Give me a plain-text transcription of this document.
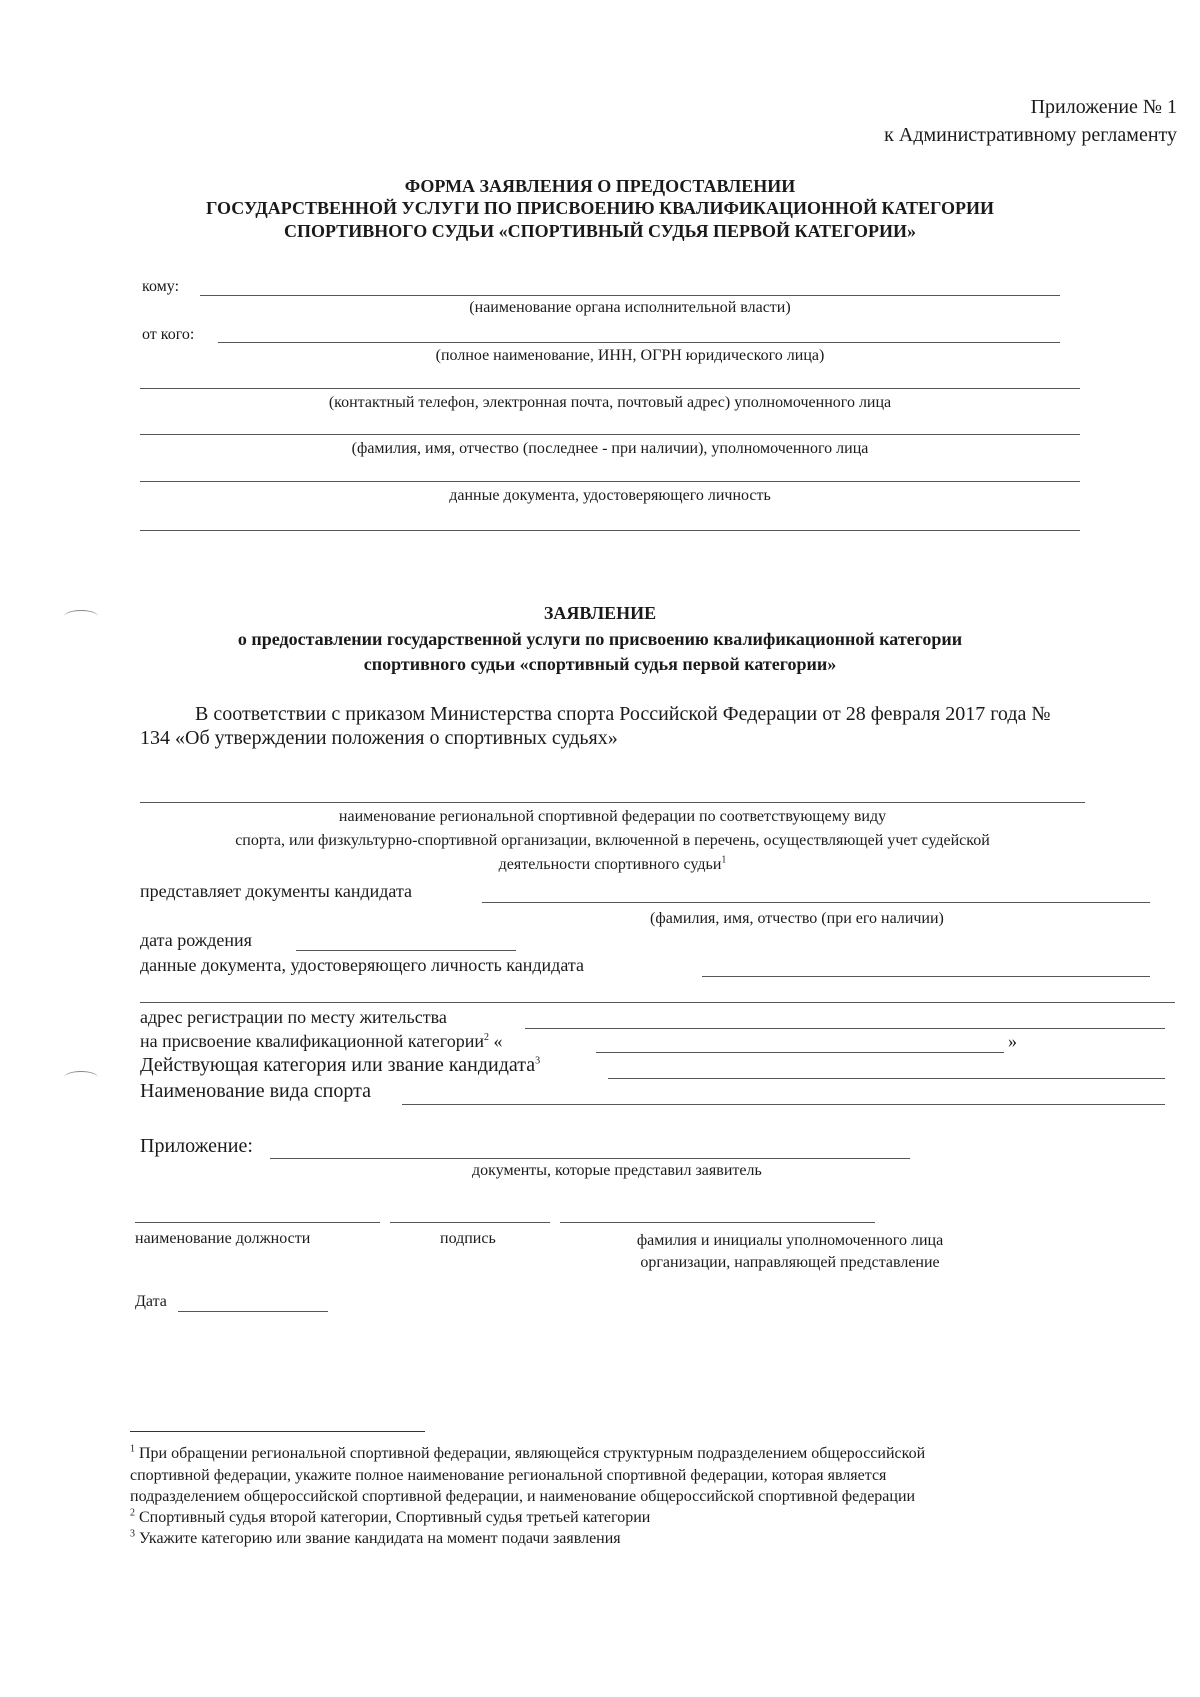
Приложение № 1
к Административному регламенту
ФОРМА ЗАЯВЛЕНИЯ О ПРЕДОСТАВЛЕНИИ
ГОСУДАРСТВЕННОЙ УСЛУГИ ПО ПРИСВОЕНИЮ КВАЛИФИКАЦИОННОЙ КАТЕГОРИИ
СПОРТИВНОГО СУДЬИ «СПОРТИВНЫЙ СУДЬЯ ПЕРВОЙ КАТЕГОРИИ»
кому:
(наименование органа исполнительной власти)
от кого:
(полное наименование, ИНН, ОГРН юридического лица)
(контактный телефон, электронная почта, почтовый адрес) уполномоченного лица
(фамилия, имя, отчество (последнее - при наличии), уполномоченного лица
данные документа, удостоверяющего личность
ЗАЯВЛЕНИЕ
о предоставлении государственной услуги по присвоению квалификационной категории
спортивного судьи «спортивный судья первой категории»
В соответствии с приказом Министерства спорта Российской Федерации от 28 февраля 2017 года №
134 «Об утверждении положения о спортивных судьях»
наименование региональной спортивной федерации по соответствующему виду
спорта, или физкультурно-спортивной организации, включенной в перечень, осуществляющей учет судейской
деятельности спортивного судьи$^1$
представляет документы кандидата
(фамилия, имя, отчество (при его наличии)
дата рождения
данные документа, удостоверяющего личность кандидата
адрес регистрации по месту жительства
на присвоение квалификационной категории$^2$ «	»
Действующая категория или звание кандидата$^3$
Наименование вида спорта
Приложение:
документы, которые представил заявитель
наименование должности	подпись	фамилия и инициалы уполномоченного лица
организации, направляющей представление
Дата
$^1$ При обращении региональной спортивной федерации, являющейся структурным подразделением общероссийской
спортивной федерации, укажите полное наименование региональной спортивной федерации, которая является
подразделением общероссийской спортивной федерации, и наименование общероссийской спортивной федерации
$^2$ Спортивный судья второй категории, Спортивный судья третьей категории
$^3$ Укажите категорию или звание кандидата на момент подачи заявления
